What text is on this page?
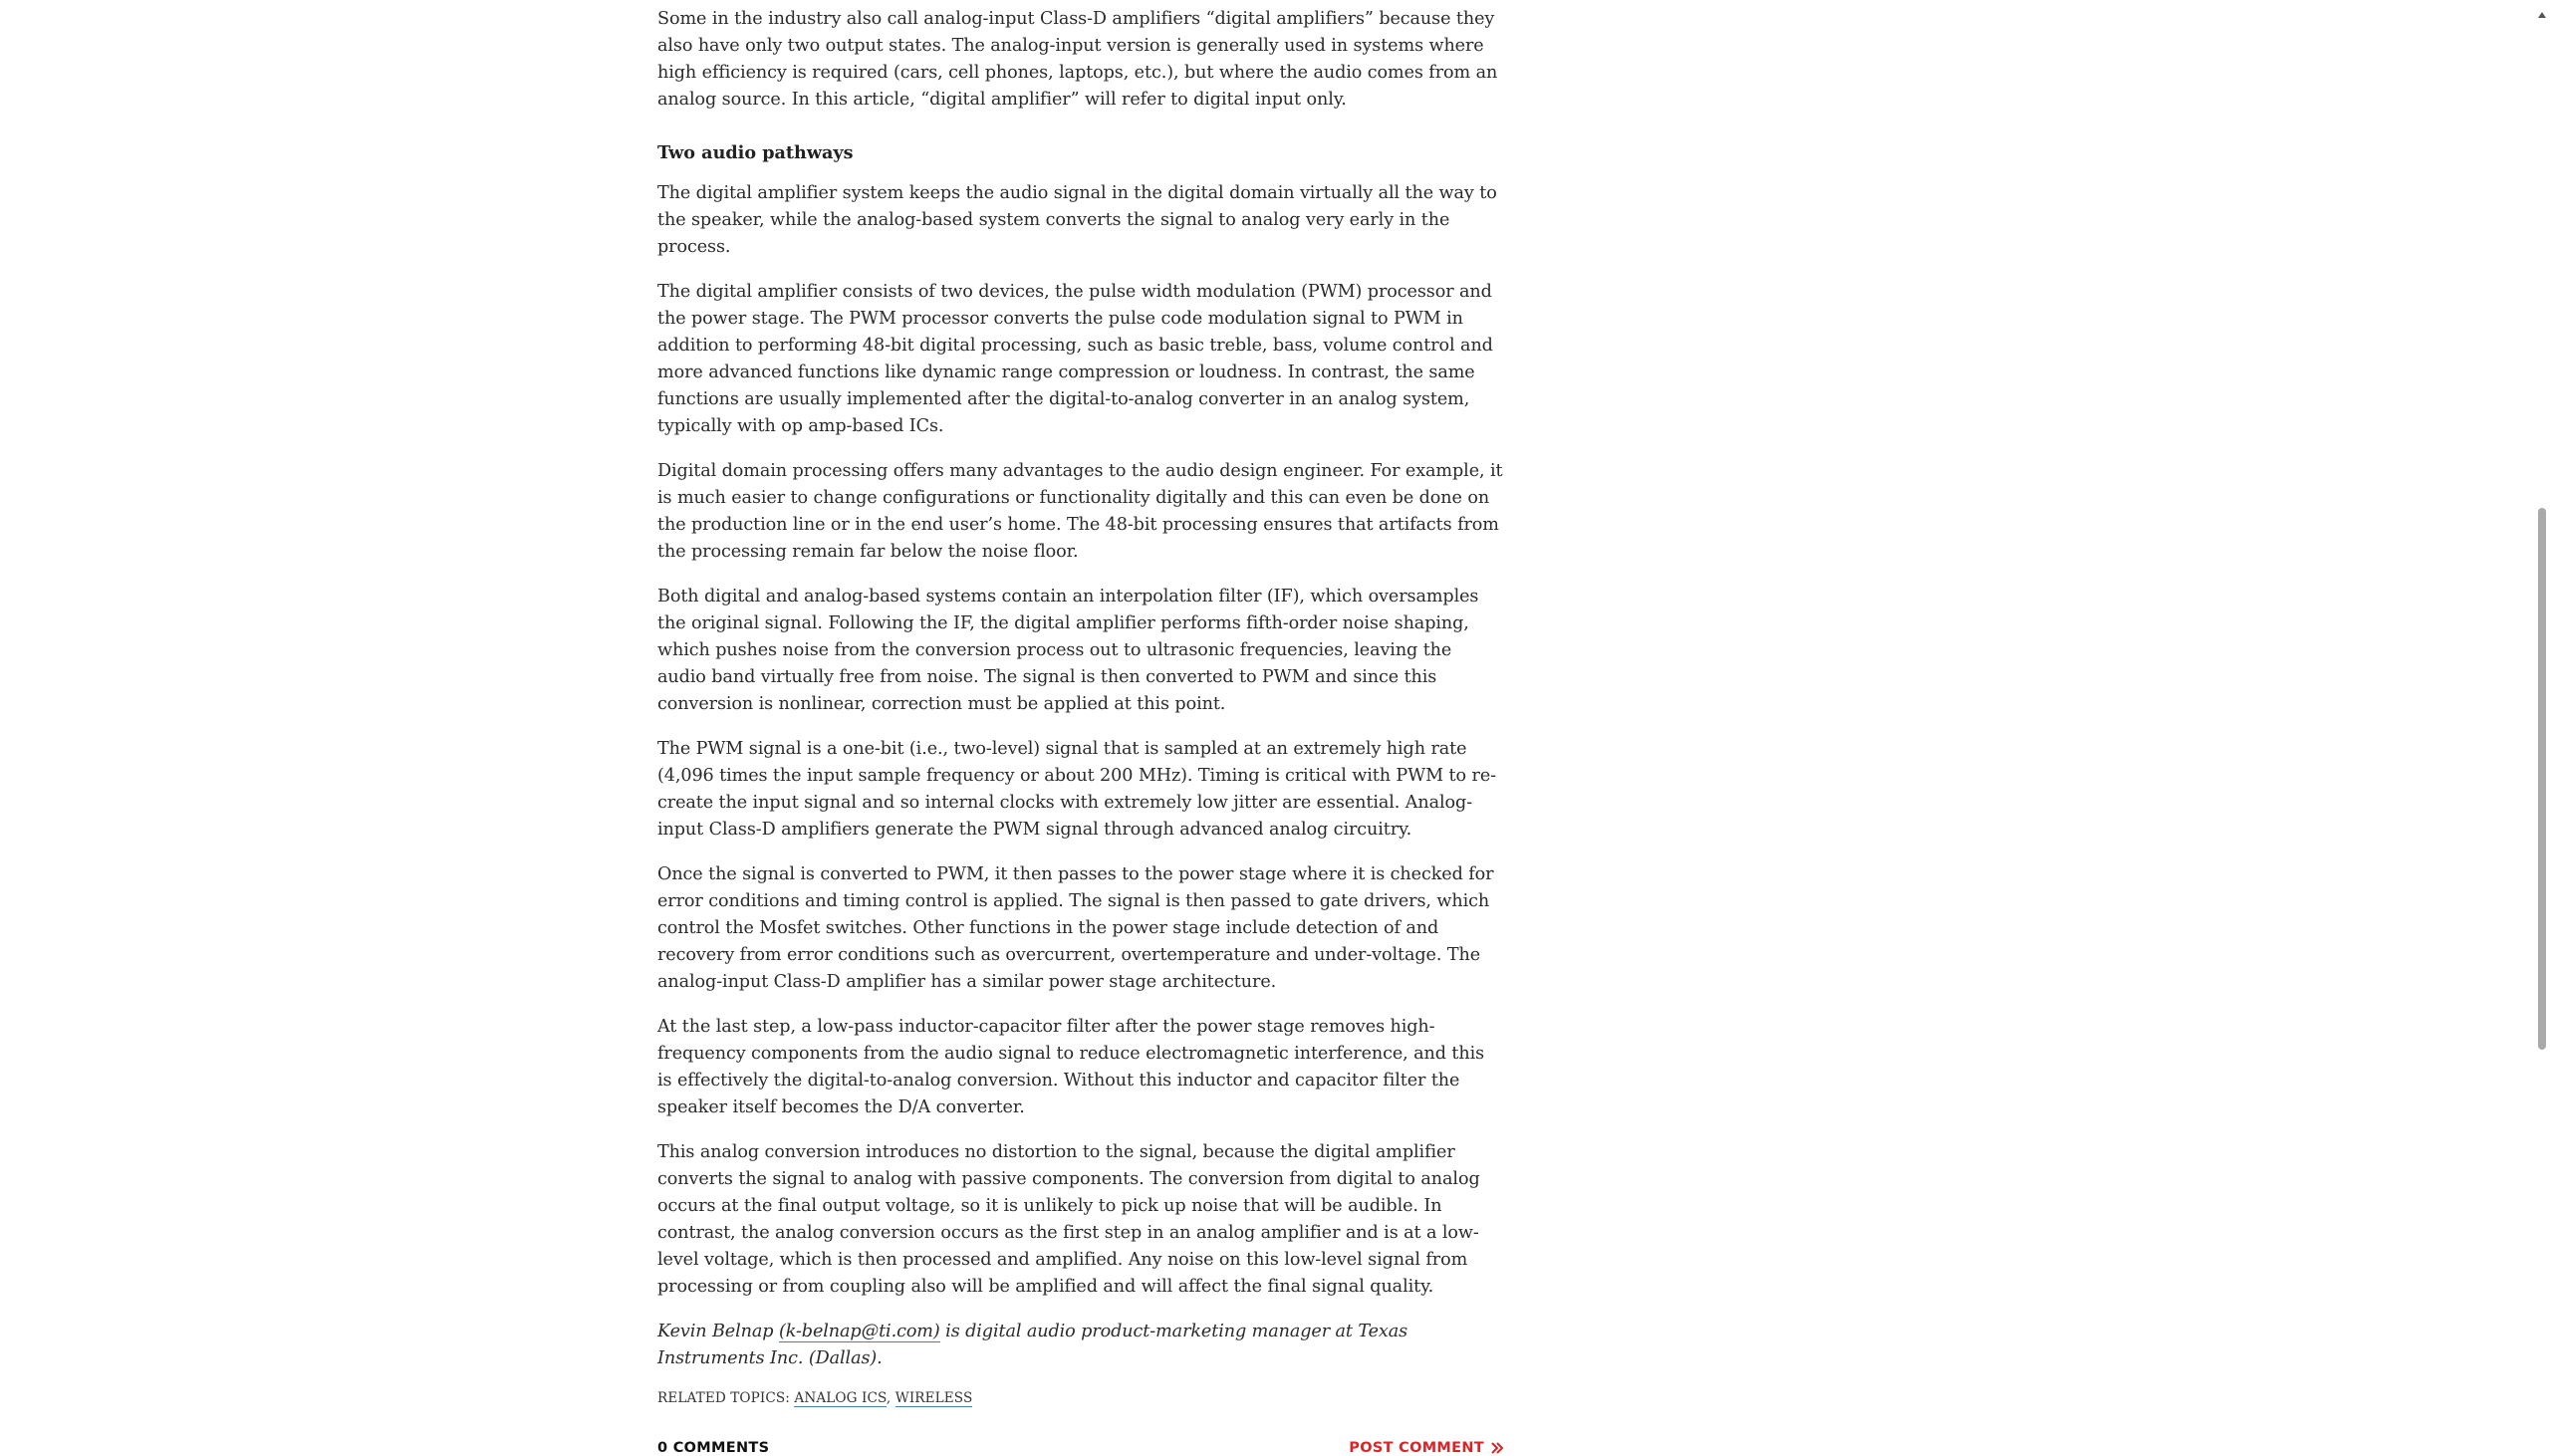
Some in the industry also call analog-input Class-D amplifiers “digital amplifiers” because they also have only two output states. The analog-input version is generally used in systems where high efficiency is required (cars, cell phones, laptops, etc.), but where the audio comes from an analog source. In this article, “digital amplifier” will refer to digital input only.

Two audio pathways

The digital amplifier system keeps the audio signal in the digital domain virtually all the way to the speaker, while the analog-based system converts the signal to analog very early in the process.

The digital amplifier consists of two devices, the pulse width modulation (PWM) processor and the power stage. The PWM processor converts the pulse code modulation signal to PWM in addition to performing 48-bit digital processing, such as basic treble, bass, volume control and more advanced functions like dynamic range compression or loudness. In contrast, the same functions are usually implemented after the digital-to-analog converter in an analog system, typically with op amp-based ICs.

Digital domain processing offers many advantages to the audio design engineer. For example, it is much easier to change configurations or functionality digitally and this can even be done on the production line or in the end user’s home. The 48-bit processing ensures that artifacts from the processing remain far below the noise floor.

Both digital and analog-based systems contain an interpolation filter (IF), which oversamples the original signal. Following the IF, the digital amplifier performs fifth-order noise shaping, which pushes noise from the conversion process out to ultrasonic frequencies, leaving the audio band virtually free from noise. The signal is then converted to PWM and since this conversion is nonlinear, correction must be applied at this point.

The PWM signal is a one-bit (i.e., two-level) signal that is sampled at an extremely high rate (4,096 times the input sample frequency or about 200 MHz). Timing is critical with PWM to re-create the input signal and so internal clocks with extremely low jitter are essential. Analog-input Class-D amplifiers generate the PWM signal through advanced analog circuitry.

Once the signal is converted to PWM, it then passes to the power stage where it is checked for error conditions and timing control is applied. The signal is then passed to gate drivers, which control the Mosfet switches. Other functions in the power stage include detection of and recovery from error conditions such as overcurrent, overtemperature and under-voltage. The analog-input Class-D amplifier has a similar power stage architecture.

At the last step, a low-pass inductor-capacitor filter after the power stage removes high-frequency components from the audio signal to reduce electromagnetic interference, and this is effectively the digital-to-analog conversion. Without this inductor and capacitor filter the speaker itself becomes the D/A converter.

This analog conversion introduces no distortion to the signal, because the digital amplifier converts the signal to analog with passive components. The conversion from digital to analog occurs at the final output voltage, so it is unlikely to pick up noise that will be audible. In contrast, the analog conversion occurs as the first step in an analog amplifier and is at a low-level voltage, which is then processed and amplified. Any noise on this low-level signal from processing or from coupling also will be amplified and will affect the final signal quality.

Kevin Belnap (k-belnap@ti.com) is digital audio product-marketing manager at Texas Instruments Inc. (Dallas).

RELATED TOPICS: ANALOG ICS, WIRELESS
0 COMMENTS	POST COMMENT
